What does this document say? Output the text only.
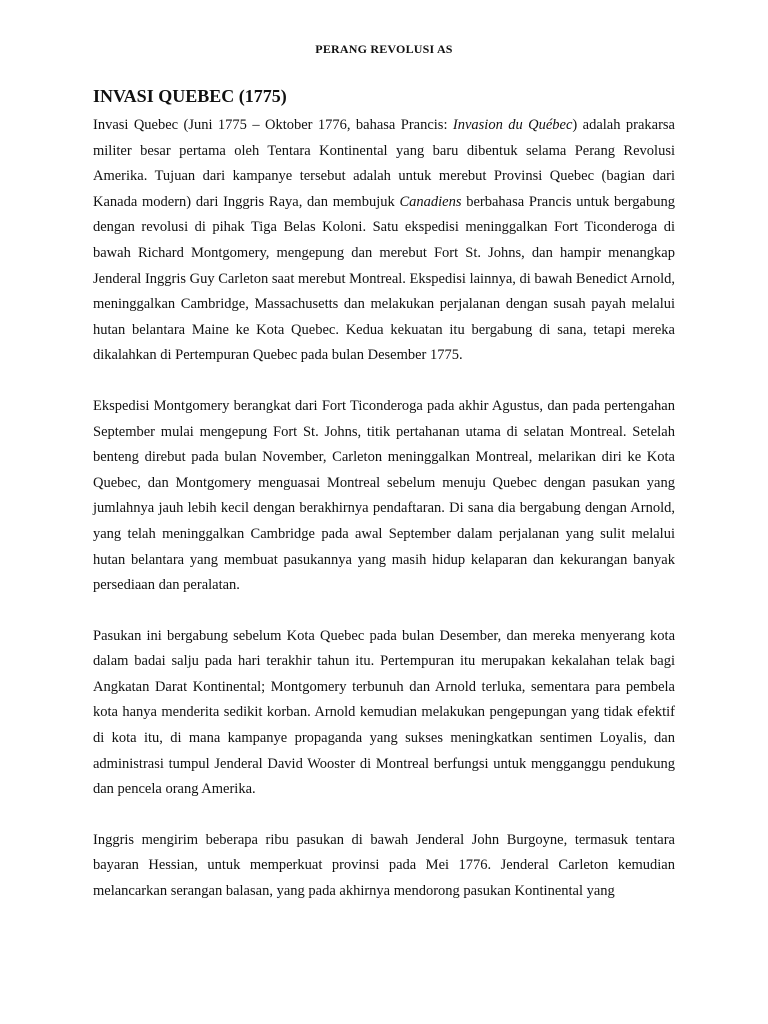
PERANG REVOLUSI AS
INVASI QUEBEC (1775)

Invasi Quebec (Juni 1775 – Oktober 1776, bahasa Prancis: Invasion du Québec) adalah prakarsa militer besar pertama oleh Tentara Kontinental yang baru dibentuk selama Perang Revolusi Amerika. Tujuan dari kampanye tersebut adalah untuk merebut Provinsi Quebec (bagian dari Kanada modern) dari Inggris Raya, dan membujuk Canadiens berbahasa Prancis untuk bergabung dengan revolusi di pihak Tiga Belas Koloni. Satu ekspedisi meninggalkan Fort Ticonderoga di bawah Richard Montgomery, mengepung dan merebut Fort St. Johns, dan hampir menangkap Jenderal Inggris Guy Carleton saat merebut Montreal. Ekspedisi lainnya, di bawah Benedict Arnold, meninggalkan Cambridge, Massachusetts dan melakukan perjalanan dengan susah payah melalui hutan belantara Maine ke Kota Quebec. Kedua kekuatan itu bergabung di sana, tetapi mereka dikalahkan di Pertempuran Quebec pada bulan Desember 1775.

Ekspedisi Montgomery berangkat dari Fort Ticonderoga pada akhir Agustus, dan pada pertengahan September mulai mengepung Fort St. Johns, titik pertahanan utama di selatan Montreal. Setelah benteng direbut pada bulan November, Carleton meninggalkan Montreal, melarikan diri ke Kota Quebec, dan Montgomery menguasai Montreal sebelum menuju Quebec dengan pasukan yang jumlahnya jauh lebih kecil dengan berakhirnya pendaftaran. Di sana dia bergabung dengan Arnold, yang telah meninggalkan Cambridge pada awal September dalam perjalanan yang sulit melalui hutan belantara yang membuat pasukannya yang masih hidup kelaparan dan kekurangan banyak persediaan dan peralatan.

Pasukan ini bergabung sebelum Kota Quebec pada bulan Desember, dan mereka menyerang kota dalam badai salju pada hari terakhir tahun itu. Pertempuran itu merupakan kekalahan telak bagi Angkatan Darat Kontinental; Montgomery terbunuh dan Arnold terluka, sementara para pembela kota hanya menderita sedikit korban. Arnold kemudian melakukan pengepungan yang tidak efektif di kota itu, di mana kampanye propaganda yang sukses meningkatkan sentimen Loyalis, dan administrasi tumpul Jenderal David Wooster di Montreal berfungsi untuk mengganggu pendukung dan pencela orang Amerika.

Inggris mengirim beberapa ribu pasukan di bawah Jenderal John Burgoyne, termasuk tentara bayaran Hessian, untuk memperkuat provinsi pada Mei 1776. Jenderal Carleton kemudian melancarkan serangan balasan, yang pada akhirnya mendorong pasukan Kontinental yang
